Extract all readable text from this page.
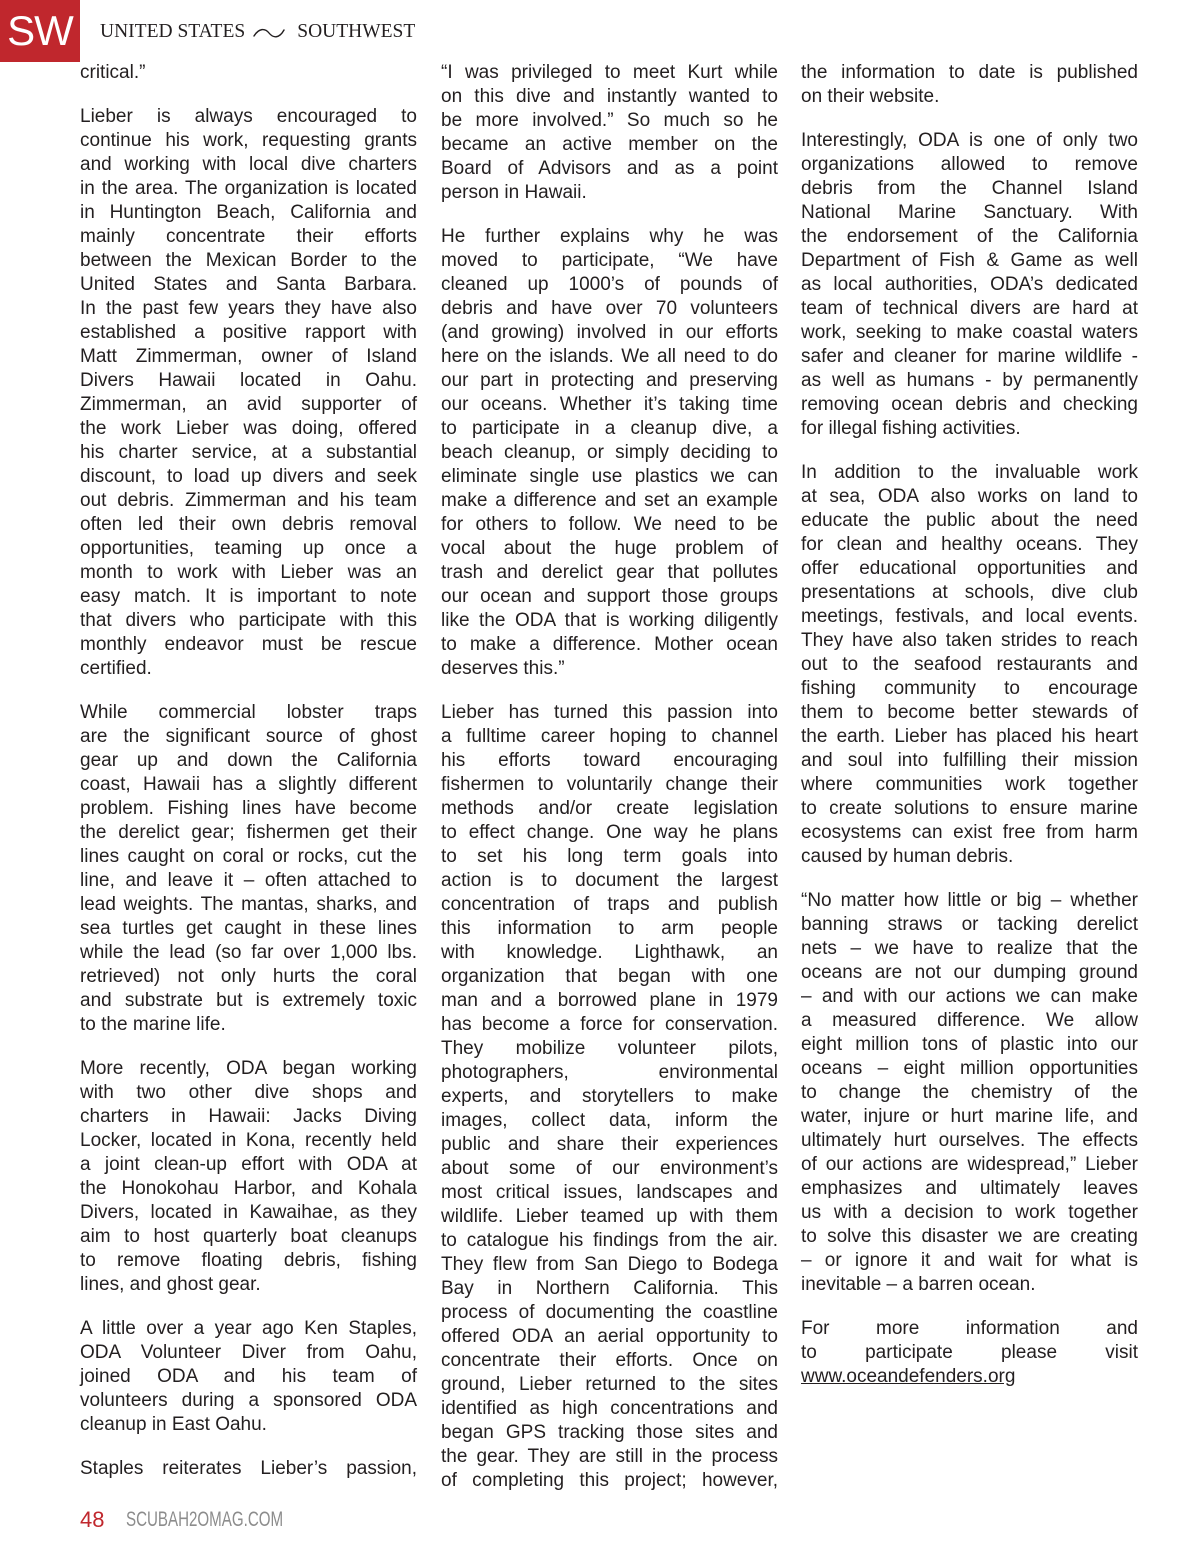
SW UNITED STATES	SOUTHWEST

critical.”

Lieber is always encouraged to
continue his work, requesting grants
and working with local dive charters
in the area. The organization is located
in Huntington Beach, California and
mainly concentrate their efforts
between the Mexican Border to the
United States and Santa Barbara.
In the past few years they have also
established a positive rapport with
Matt Zimmerman, owner of Island
Divers Hawaii located in Oahu.
Zimmerman, an avid supporter of
the work Lieber was doing, offered
his charter service, at a substantial
discount, to load up divers and seek
out debris. Zimmerman and his team
often led their own debris removal
opportunities, teaming up once a
month to work with Lieber was an
easy match. It is important to note
that divers who participate with this
monthly endeavor must be rescue
certified.

While commercial lobster traps
are the significant source of ghost
gear up and down the California
coast, Hawaii has a slightly different
problem. Fishing lines have become
the derelict gear; fishermen get their
lines caught on coral or rocks, cut the
line, and leave it – often attached to
lead weights. The mantas, sharks, and
sea turtles get caught in these lines
while the lead (so far over 1,000 lbs.
retrieved) not only hurts the coral
and substrate but is extremely toxic
to the marine life.

More recently, ODA began working
with two other dive shops and
charters in Hawaii: Jacks Diving
Locker, located in Kona, recently held
a joint clean-up effort with ODA at
the Honokohau Harbor, and Kohala
Divers, located in Kawaihae, as they
aim to host quarterly boat cleanups
to remove floating debris, fishing
lines, and ghost gear.

A little over a year ago Ken Staples,
ODA Volunteer Diver from Oahu,
joined ODA and his team of
volunteers during a sponsored ODA
cleanup in East Oahu.

Staples reiterates Lieber’s passion,

“I was privileged to meet Kurt while
on this dive and instantly wanted to
be more involved.” So much so he
became an active member on the
Board of Advisors and as a point
person in Hawaii.

He further explains why he was
moved to participate, “We have
cleaned up 1000’s of pounds of
debris and have over 70 volunteers
(and growing) involved in our efforts
here on the islands. We all need to do
our part in protecting and preserving
our oceans. Whether it’s taking time
to participate in a cleanup dive, a
beach cleanup, or simply deciding to
eliminate single use plastics we can
make a difference and set an example
for others to follow. We need to be
vocal about the huge problem of
trash and derelict gear that pollutes
our ocean and support those groups
like the ODA that is working diligently
to make a difference. Mother ocean
deserves this.”

Lieber has turned this passion into
a fulltime career hoping to channel
his efforts toward encouraging
fishermen to voluntarily change their
methods and/or create legislation
to effect change. One way he plans
to set his long term goals into
action is to document the largest
concentration of traps and publish
this information to arm people
with knowledge. Lighthawk, an
organization that began with one
man and a borrowed plane in 1979
has become a force for conservation.
They mobilize volunteer pilots,
photographers, environmental
experts, and storytellers to make
images, collect data, inform the
public and share their experiences
about some of our environment’s
most critical issues, landscapes and
wildlife. Lieber teamed up with them
to catalogue his findings from the air.
They flew from San Diego to Bodega
Bay in Northern California. This
process of documenting the coastline
offered ODA an aerial opportunity to
concentrate their efforts. Once on
ground, Lieber returned to the sites
identified as high concentrations and
began GPS tracking those sites and
the gear. They are still in the process
of completing this project; however,

the information to date is published
on their website.

Interestingly, ODA is one of only two
organizations allowed to remove
debris from the Channel Island
National Marine Sanctuary. With
the endorsement of the California
Department of Fish & Game as well
as local authorities, ODA’s dedicated
team of technical divers are hard at
work, seeking to make coastal waters
safer and cleaner for marine wildlife -
as well as humans - by permanently
removing ocean debris and checking
for illegal fishing activities.

In addition to the invaluable work
at sea, ODA also works on land to
educate the public about the need
for clean and healthy oceans. They
offer educational opportunities and
presentations at schools, dive club
meetings, festivals, and local events.
They have also taken strides to reach
out to the seafood restaurants and
fishing community to encourage
them to become better stewards of
the earth. Lieber has placed his heart
and soul into fulfilling their mission
where communities work together
to create solutions to ensure marine
ecosystems can exist free from harm
caused by human debris.

“No matter how little or big – whether
banning straws or tacking derelict
nets – we have to realize that the
oceans are not our dumping ground
– and with our actions we can make
a measured difference. We allow
eight million tons of plastic into our
oceans – eight million opportunities
to change the chemistry of the
water, injure or hurt marine life, and
ultimately hurt ourselves. The effects
of our actions are widespread,” Lieber
emphasizes and ultimately leaves
us with a decision to work together
to solve this disaster we are creating
– or ignore it and wait for what is
inevitable – a barren ocean.

For more information and
to participate please visit
www.oceandefenders.org

48 SCUBAH2OMAG.COM
